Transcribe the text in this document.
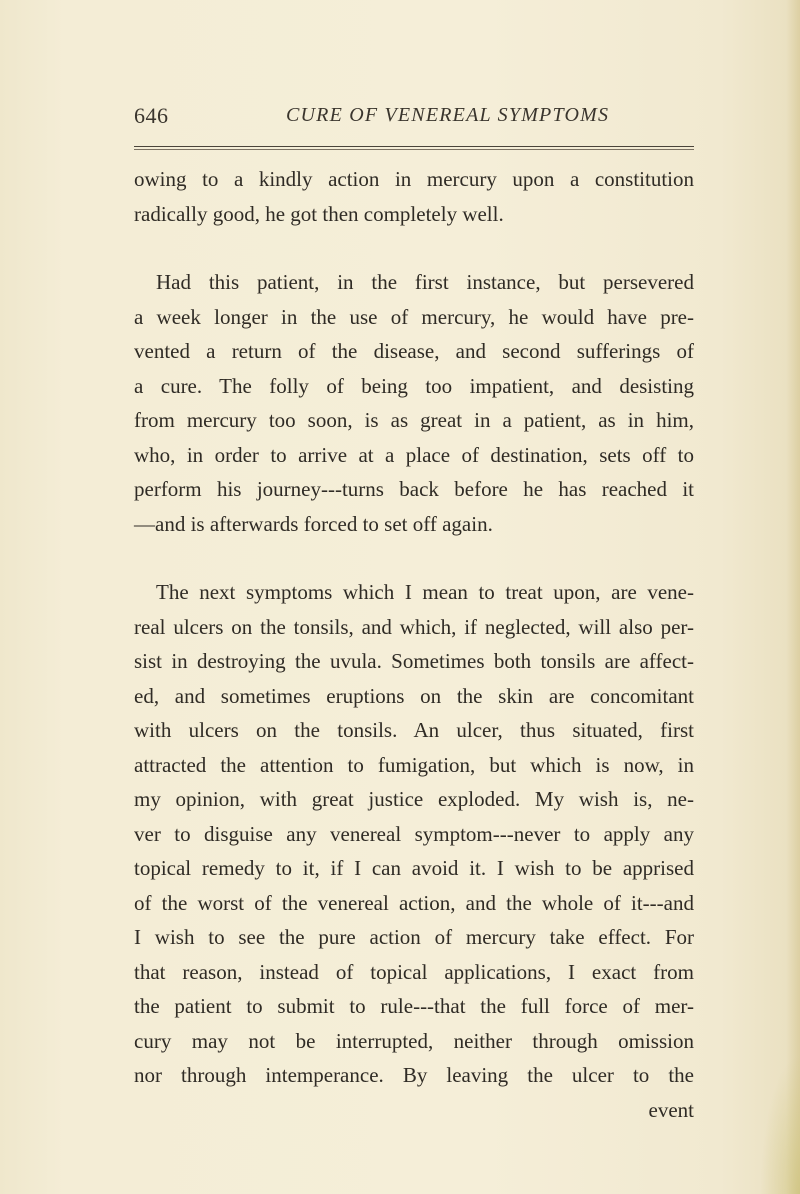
646	CURE OF VENEREAL SYMPTOMS
owing to a kindly action in mercury upon a constitution
radically good, he got then completely well.
Had this patient, in the first instance, but persevered
a week longer in the use of mercury, he would have pre-
vented a return of the disease, and second sufferings of
a cure. The folly of being too impatient, and desisting
from mercury too soon, is as great in a patient, as in him,
who, in order to arrive at a place of destination, sets off to
perform his journey---turns back before he has reached it
—and is afterwards forced to set off again.
The next symptoms which I mean to treat upon, are vene-
real ulcers on the tonsils, and which, if neglected, will also per-
sist in destroying the uvula. Sometimes both tonsils are affect-
ed, and sometimes eruptions on the skin are concomitant
with ulcers on the tonsils. An ulcer, thus situated, first
attracted the attention to fumigation, but which is now, in
my opinion, with great justice exploded. My wish is, ne-
ver to disguise any venereal symptom---never to apply any
topical remedy to it, if I can avoid it. I wish to be apprised
of the worst of the venereal action, and the whole of it---and
I wish to see the pure action of mercury take effect. For
that reason, instead of topical applications, I exact from
the patient to submit to rule---that the full force of mer-
cury may not be interrupted, neither through omission
nor through intemperance. By leaving the ulcer to the
event
